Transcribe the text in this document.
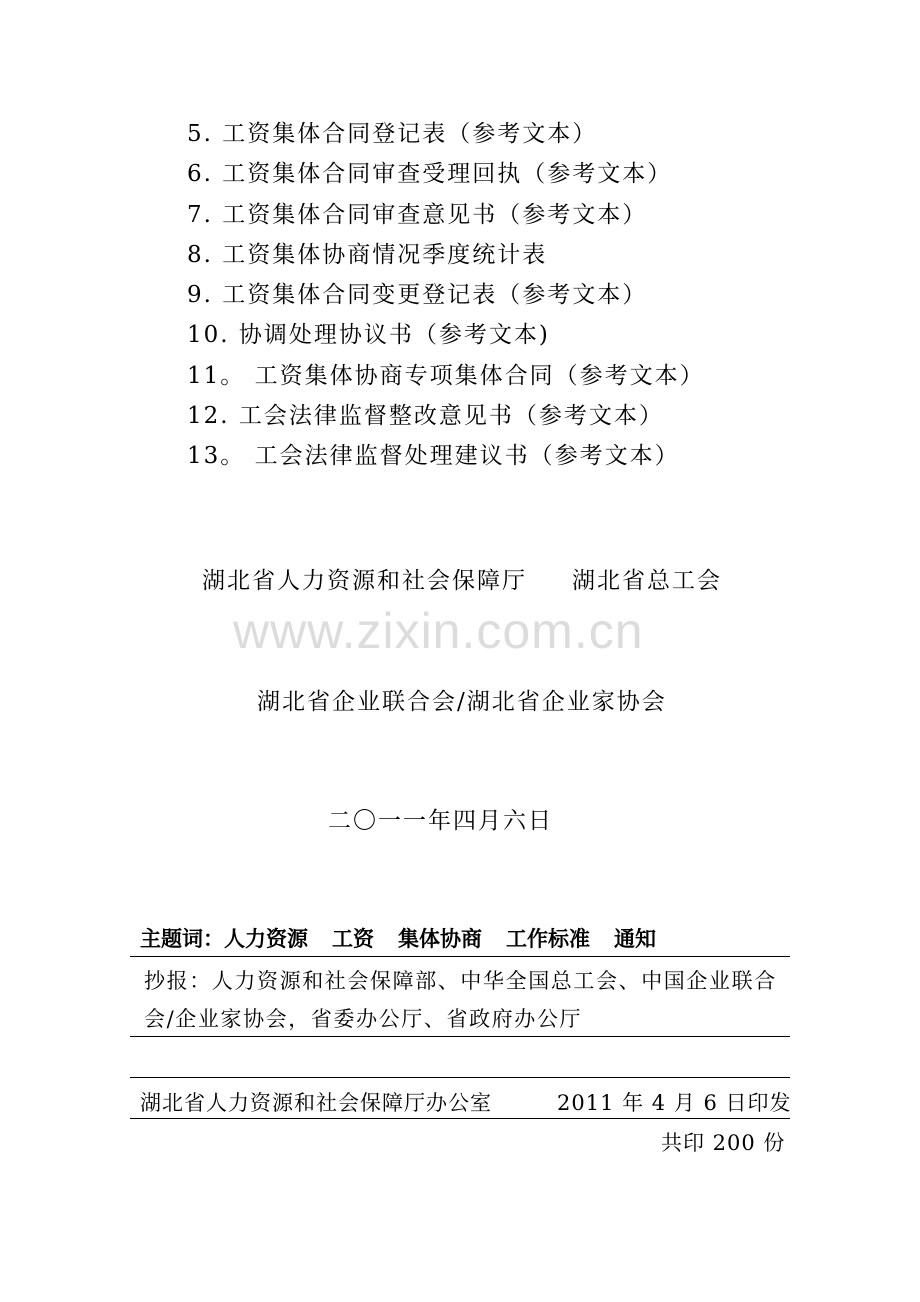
5. 工资集体合同登记表（参考文本）
6. 工资集体合同审查受理回执（参考文本）
7. 工资集体合同审查意见书（参考文本）
8. 工资集体协商情况季度统计表
9. 工资集体合同变更登记表（参考文本）
10. 协调处理协议书（参考文本)
11。 工资集体协商专项集体合同（参考文本）
12. 工会法律监督整改意见书（参考文本）
13。 工会法律监督处理建议书（参考文本）
湖北省人力资源和社会保障厅 湖北省总工会
www.zixin.com.cn
湖北省企业联合会/湖北省企业家协会
二〇一一年四月六日
主题词： 人力资源 工资 集体协商 工作标准 通知
抄报：人力资源和社会保障部、中华全国总工会、中国企业联合会/企业家协会，省委办公厅、省政府办公厅
湖北省人力资源和社会保障厅办公室	2011 年 4 月 6 日印发
共印 200 份
